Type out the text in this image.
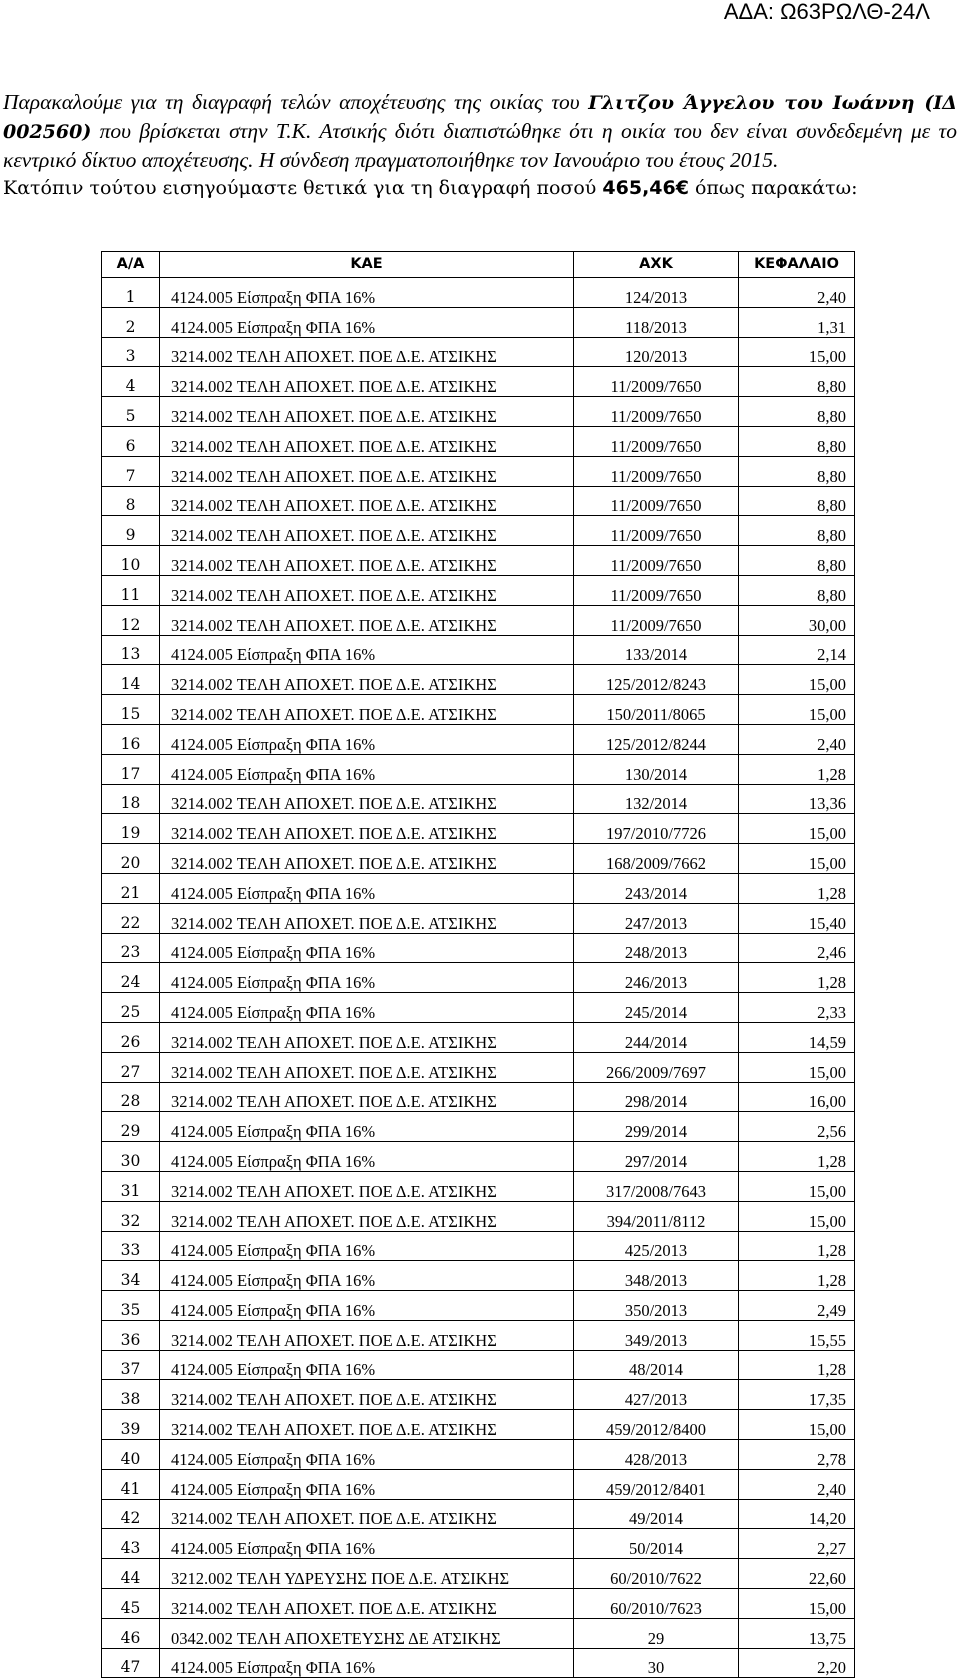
ΑΔΑ: Ω63ΡΩΛΘ-24Λ

Παρακαλούμε για τη διαγραφή τελών αποχέτευσης της οικίας του Γλιτζου Άγγελου του Ιωάννη (ΙΔ 002560) που βρίσκεται στην Τ.Κ. Ατσικής διότι διαπιστώθηκε ότι η οικία του δεν είναι συνδεδεμένη με το κεντρικό δίκτυο αποχέτευσης. Η σύνδεση πραγματοποιήθηκε τον Ιανουάριο του έτους 2015.

Κατόπιν τούτου εισηγούμαστε θετικά για τη διαγραφή ποσού 465,46€ όπως παρακάτω:

Α/Α	ΚΑΕ	ΑΧΚ	ΚΕΦΑΛΑΙΟ
1	4124.005 Είσπραξη ΦΠΑ 16%	124/2013	2,40
2	4124.005 Είσπραξη ΦΠΑ 16%	118/2013	1,31
3	3214.002 ΤΕΛΗ ΑΠΟΧΕΤ. ΠΟΕ Δ.Ε. ΑΤΣΙΚΗΣ	120/2013	15,00
4	3214.002 ΤΕΛΗ ΑΠΟΧΕΤ. ΠΟΕ Δ.Ε. ΑΤΣΙΚΗΣ	11/2009/7650	8,80
5	3214.002 ΤΕΛΗ ΑΠΟΧΕΤ. ΠΟΕ Δ.Ε. ΑΤΣΙΚΗΣ	11/2009/7650	8,80
6	3214.002 ΤΕΛΗ ΑΠΟΧΕΤ. ΠΟΕ Δ.Ε. ΑΤΣΙΚΗΣ	11/2009/7650	8,80
7	3214.002 ΤΕΛΗ ΑΠΟΧΕΤ. ΠΟΕ Δ.Ε. ΑΤΣΙΚΗΣ	11/2009/7650	8,80
8	3214.002 ΤΕΛΗ ΑΠΟΧΕΤ. ΠΟΕ Δ.Ε. ΑΤΣΙΚΗΣ	11/2009/7650	8,80
9	3214.002 ΤΕΛΗ ΑΠΟΧΕΤ. ΠΟΕ Δ.Ε. ΑΤΣΙΚΗΣ	11/2009/7650	8,80
10	3214.002 ΤΕΛΗ ΑΠΟΧΕΤ. ΠΟΕ Δ.Ε. ΑΤΣΙΚΗΣ	11/2009/7650	8,80
11	3214.002 ΤΕΛΗ ΑΠΟΧΕΤ. ΠΟΕ Δ.Ε. ΑΤΣΙΚΗΣ	11/2009/7650	8,80
12	3214.002 ΤΕΛΗ ΑΠΟΧΕΤ. ΠΟΕ Δ.Ε. ΑΤΣΙΚΗΣ	11/2009/7650	30,00
13	4124.005 Είσπραξη ΦΠΑ 16%	133/2014	2,14
14	3214.002 ΤΕΛΗ ΑΠΟΧΕΤ. ΠΟΕ Δ.Ε. ΑΤΣΙΚΗΣ	125/2012/8243	15,00
15	3214.002 ΤΕΛΗ ΑΠΟΧΕΤ. ΠΟΕ Δ.Ε. ΑΤΣΙΚΗΣ	150/2011/8065	15,00
16	4124.005 Είσπραξη ΦΠΑ 16%	125/2012/8244	2,40
17	4124.005 Είσπραξη ΦΠΑ 16%	130/2014	1,28
18	3214.002 ΤΕΛΗ ΑΠΟΧΕΤ. ΠΟΕ Δ.Ε. ΑΤΣΙΚΗΣ	132/2014	13,36
19	3214.002 ΤΕΛΗ ΑΠΟΧΕΤ. ΠΟΕ Δ.Ε. ΑΤΣΙΚΗΣ	197/2010/7726	15,00
20	3214.002 ΤΕΛΗ ΑΠΟΧΕΤ. ΠΟΕ Δ.Ε. ΑΤΣΙΚΗΣ	168/2009/7662	15,00
21	4124.005 Είσπραξη ΦΠΑ 16%	243/2014	1,28
22	3214.002 ΤΕΛΗ ΑΠΟΧΕΤ. ΠΟΕ Δ.Ε. ΑΤΣΙΚΗΣ	247/2013	15,40
23	4124.005 Είσπραξη ΦΠΑ 16%	248/2013	2,46
24	4124.005 Είσπραξη ΦΠΑ 16%	246/2013	1,28
25	4124.005 Είσπραξη ΦΠΑ 16%	245/2014	2,33
26	3214.002 ΤΕΛΗ ΑΠΟΧΕΤ. ΠΟΕ Δ.Ε. ΑΤΣΙΚΗΣ	244/2014	14,59
27	3214.002 ΤΕΛΗ ΑΠΟΧΕΤ. ΠΟΕ Δ.Ε. ΑΤΣΙΚΗΣ	266/2009/7697	15,00
28	3214.002 ΤΕΛΗ ΑΠΟΧΕΤ. ΠΟΕ Δ.Ε. ΑΤΣΙΚΗΣ	298/2014	16,00
29	4124.005 Είσπραξη ΦΠΑ 16%	299/2014	2,56
30	4124.005 Είσπραξη ΦΠΑ 16%	297/2014	1,28
31	3214.002 ΤΕΛΗ ΑΠΟΧΕΤ. ΠΟΕ Δ.Ε. ΑΤΣΙΚΗΣ	317/2008/7643	15,00
32	3214.002 ΤΕΛΗ ΑΠΟΧΕΤ. ΠΟΕ Δ.Ε. ΑΤΣΙΚΗΣ	394/2011/8112	15,00
33	4124.005 Είσπραξη ΦΠΑ 16%	425/2013	1,28
34	4124.005 Είσπραξη ΦΠΑ 16%	348/2013	1,28
35	4124.005 Είσπραξη ΦΠΑ 16%	350/2013	2,49
36	3214.002 ΤΕΛΗ ΑΠΟΧΕΤ. ΠΟΕ Δ.Ε. ΑΤΣΙΚΗΣ	349/2013	15,55
37	4124.005 Είσπραξη ΦΠΑ 16%	48/2014	1,28
38	3214.002 ΤΕΛΗ ΑΠΟΧΕΤ. ΠΟΕ Δ.Ε. ΑΤΣΙΚΗΣ	427/2013	17,35
39	3214.002 ΤΕΛΗ ΑΠΟΧΕΤ. ΠΟΕ Δ.Ε. ΑΤΣΙΚΗΣ	459/2012/8400	15,00
40	4124.005 Είσπραξη ΦΠΑ 16%	428/2013	2,78
41	4124.005 Είσπραξη ΦΠΑ 16%	459/2012/8401	2,40
42	3214.002 ΤΕΛΗ ΑΠΟΧΕΤ. ΠΟΕ Δ.Ε. ΑΤΣΙΚΗΣ	49/2014	14,20
43	4124.005 Είσπραξη ΦΠΑ 16%	50/2014	2,27
44	3212.002 ΤΕΛΗ ΥΔΡΕΥΣΗΣ ΠΟΕ Δ.Ε. ΑΤΣΙΚΗΣ	60/2010/7622	22,60
45	3214.002 ΤΕΛΗ ΑΠΟΧΕΤ. ΠΟΕ Δ.Ε. ΑΤΣΙΚΗΣ	60/2010/7623	15,00
46	0342.002 ΤΕΛΗ ΑΠΟΧΕΤΕΥΣΗΣ ΔΕ ΑΤΣΙΚΗΣ	29	13,75
47	4124.005 Είσπραξη ΦΠΑ 16%	30	2,20
